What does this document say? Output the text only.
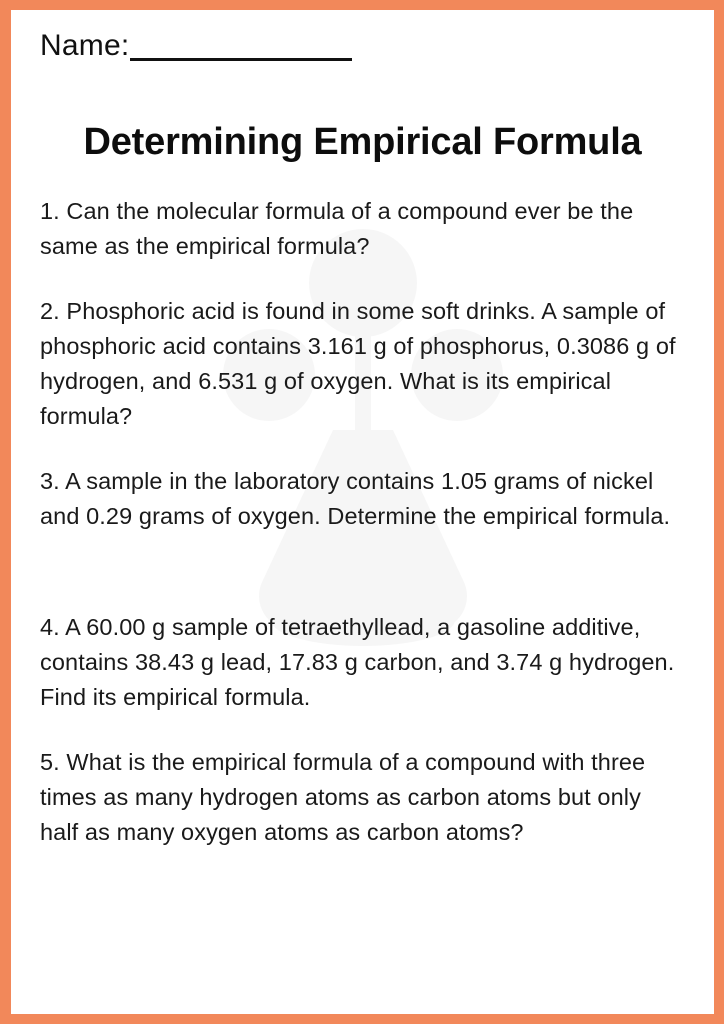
Name:
Determining Empirical Formula

1. Can the molecular formula of a compound ever be the same as the empirical formula?

2. Phosphoric acid is found in some soft drinks. A sample of phosphoric acid contains 3.161 g of phosphorus, 0.3086 g of hydrogen, and 6.531 g of oxygen. What is its empirical formula?

3. A sample in the laboratory contains 1.05 grams of nickel and 0.29 grams of oxygen. Determine the empirical formula.

4. A 60.00 g sample of tetraethyllead, a gasoline additive, contains 38.43 g lead, 17.83 g carbon, and 3.74 g hydrogen. Find its empirical formula.

5. What is the empirical formula of a compound with three times as many hydrogen atoms as carbon atoms but only half as many oxygen atoms as carbon atoms?
